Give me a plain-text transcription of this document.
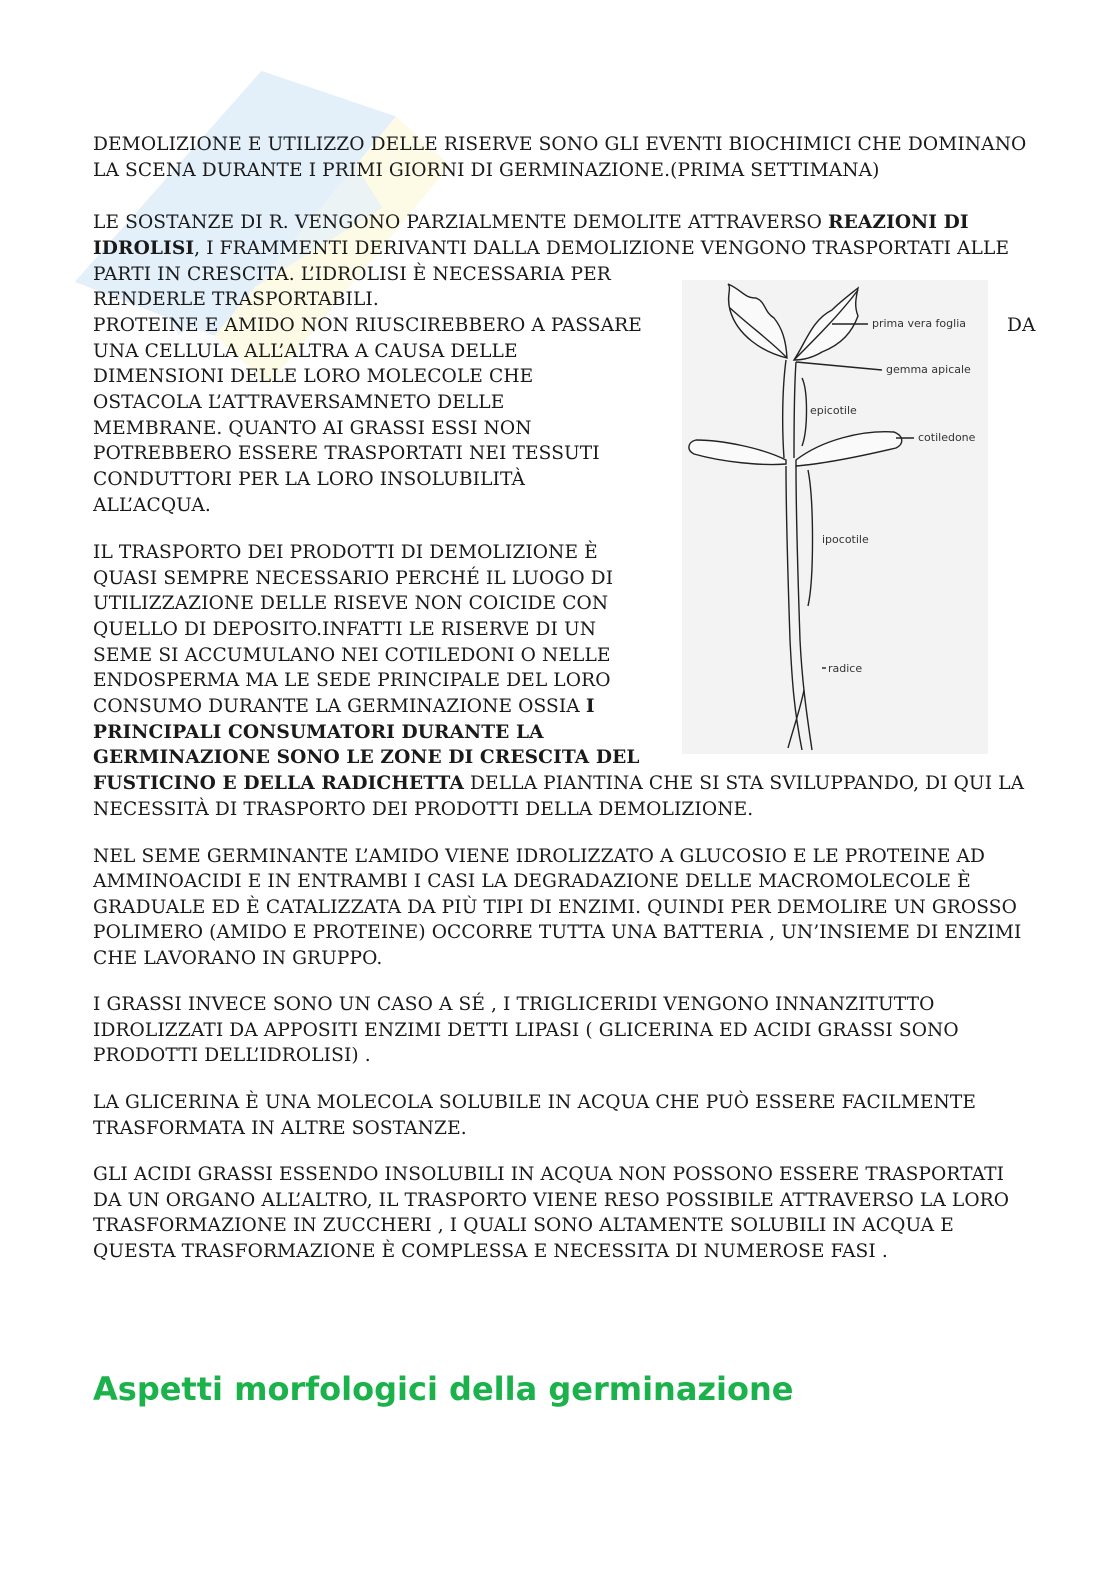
DEMOLIZIONE E UTILIZZO DELLE RISERVE SONO GLI EVENTI BIOCHIMICI CHE DOMINANO

LA SCENA DURANTE I PRIMI GIORNI DI GERMINAZIONE.(PRIMA SETTIMANA)

LE SOSTANZE DI R. VENGONO PARZIALMENTE DEMOLITE ATTRAVERSO REAZIONI DI

IDROLISI, I FRAMMENTI DERIVANTI DALLA DEMOLIZIONE VENGONO TRASPORTATI ALLE

PARTI IN CRESCITA. L’IDROLISI È NECESSARIA PER

RENDERLE TRASPORTABILI.

PROTEINE E AMIDO NON RIUSCIREBBERO A PASSARE	DA

UNA CELLULA ALL’ALTRA A CAUSA DELLE

DIMENSIONI DELLE LORO MOLECOLE CHE

OSTACOLA L’ATTRAVERSAMNETO DELLE

MEMBRANE. QUANTO AI GRASSI ESSI NON

POTREBBERO ESSERE TRASPORTATI NEI TESSUTI

CONDUTTORI PER LA LORO INSOLUBILITÀ

ALL’ACQUA.

IL TRASPORTO DEI PRODOTTI DI DEMOLIZIONE È

QUASI SEMPRE NECESSARIO PERCHÉ IL LUOGO DI

UTILIZZAZIONE DELLE RISEVE NON COICIDE CON

QUELLO DI DEPOSITO.INFATTI LE RISERVE DI UN

SEME SI ACCUMULANO NEI COTILEDONI O NELLE

ENDOSPERMA MA LE SEDE PRINCIPALE DEL LORO

CONSUMO DURANTE LA GERMINAZIONE OSSIA I

PRINCIPALI CONSUMATORI DURANTE LA

GERMINAZIONE SONO LE ZONE DI CRESCITA DEL

FUSTICINO E DELLA RADICHETTA DELLA PIANTINA CHE SI STA SVILUPPANDO, DI QUI LA

NECESSITÀ DI TRASPORTO DEI PRODOTTI DELLA DEMOLIZIONE.

NEL SEME GERMINANTE L’AMIDO VIENE IDROLIZZATO A GLUCOSIO E LE PROTEINE AD

AMMINOACIDI E IN ENTRAMBI I CASI LA DEGRADAZIONE DELLE MACROMOLECOLE È

GRADUALE ED È CATALIZZATA DA PIÙ TIPI DI ENZIMI. QUINDI PER DEMOLIRE UN GROSSO

POLIMERO (AMIDO E PROTEINE) OCCORRE TUTTA UNA BATTERIA , UN’INSIEME DI ENZIMI

CHE LAVORANO IN GRUPPO.

I GRASSI INVECE SONO UN CASO A SÉ , I TRIGLICERIDI VENGONO INNANZITUTTO

IDROLIZZATI DA APPOSITI ENZIMI DETTI LIPASI ( GLICERINA ED ACIDI GRASSI SONO

PRODOTTI DELL’IDROLISI) .

LA GLICERINA È UNA MOLECOLA SOLUBILE IN ACQUA CHE PUÒ ESSERE FACILMENTE

TRASFORMATA IN ALTRE SOSTANZE.

GLI ACIDI GRASSI ESSENDO INSOLUBILI IN ACQUA NON POSSONO ESSERE TRASPORTATI

DA UN ORGANO ALL’ALTRO, IL TRASPORTO VIENE RESO POSSIBILE ATTRAVERSO LA LORO

TRASFORMAZIONE IN ZUCCHERI , I QUALI SONO ALTAMENTE SOLUBILI IN ACQUA E

QUESTA TRASFORMAZIONE È COMPLESSA E NECESSITA DI NUMEROSE FASI .

prima vera foglia
gemma apicale
epicotile
cotiledone
ipocotile
radice
Aspetti morfologici della germinazione
